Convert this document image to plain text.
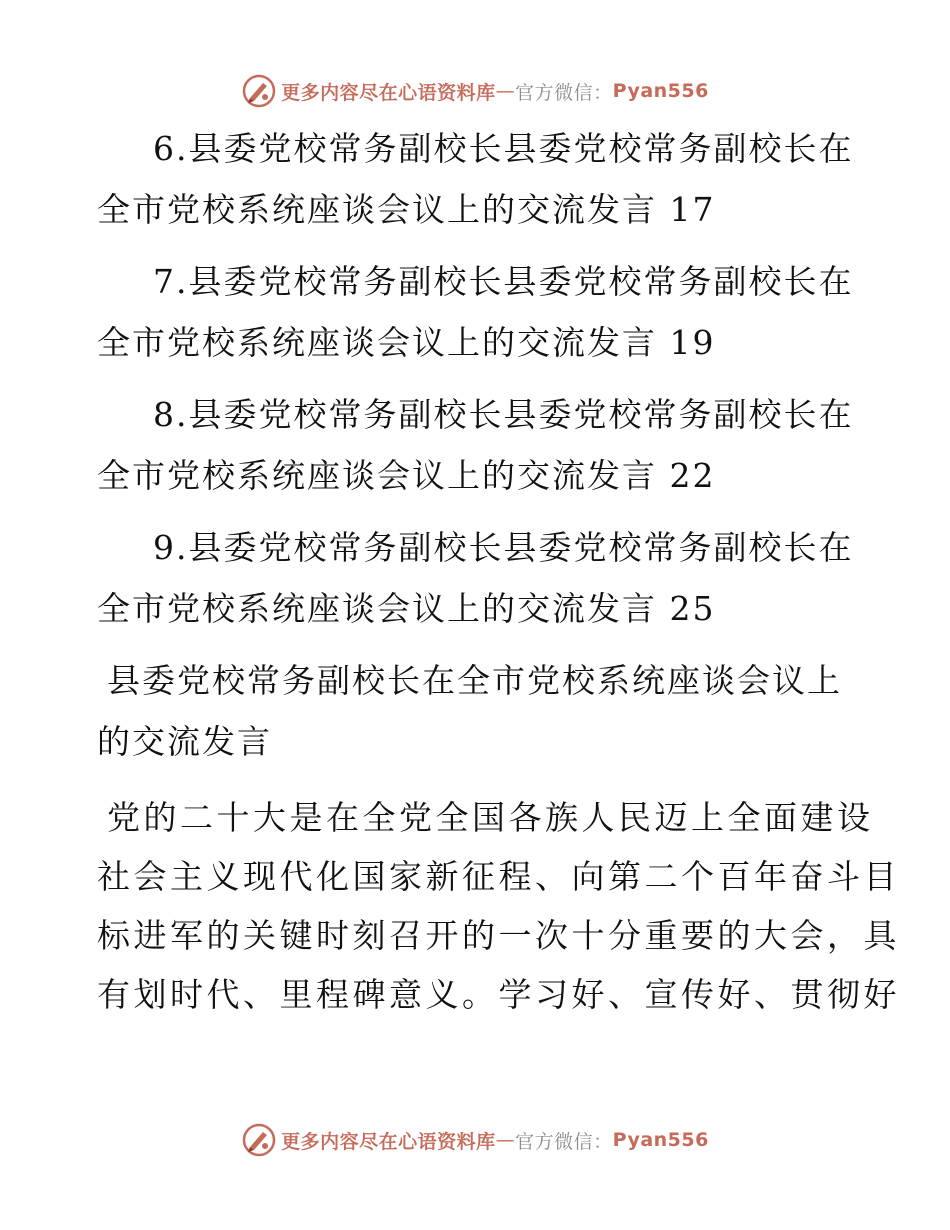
更多内容尽在心语资料库 — 官方微信： Pyan556
6.县委党校常务副校长县委党校常务副校长在
全市党校系统座谈会议上的交流发言 17
7.县委党校常务副校长县委党校常务副校长在
全市党校系统座谈会议上的交流发言 19
8.县委党校常务副校长县委党校常务副校长在
全市党校系统座谈会议上的交流发言 22
9.县委党校常务副校长县委党校常务副校长在
全市党校系统座谈会议上的交流发言 25
县委党校常务副校长在全市党校系统座谈会议上
的交流发言
党的二十大是在全党全国各族人民迈上全面建设
社会主义现代化国家新征程、向第二个百年奋斗目
标进军的关键时刻召开的一次十分重要的大会，具
有划时代、里程碑意义。学习好、宣传好、贯彻好
更多内容尽在心语资料库 — 官方微信： Pyan556
